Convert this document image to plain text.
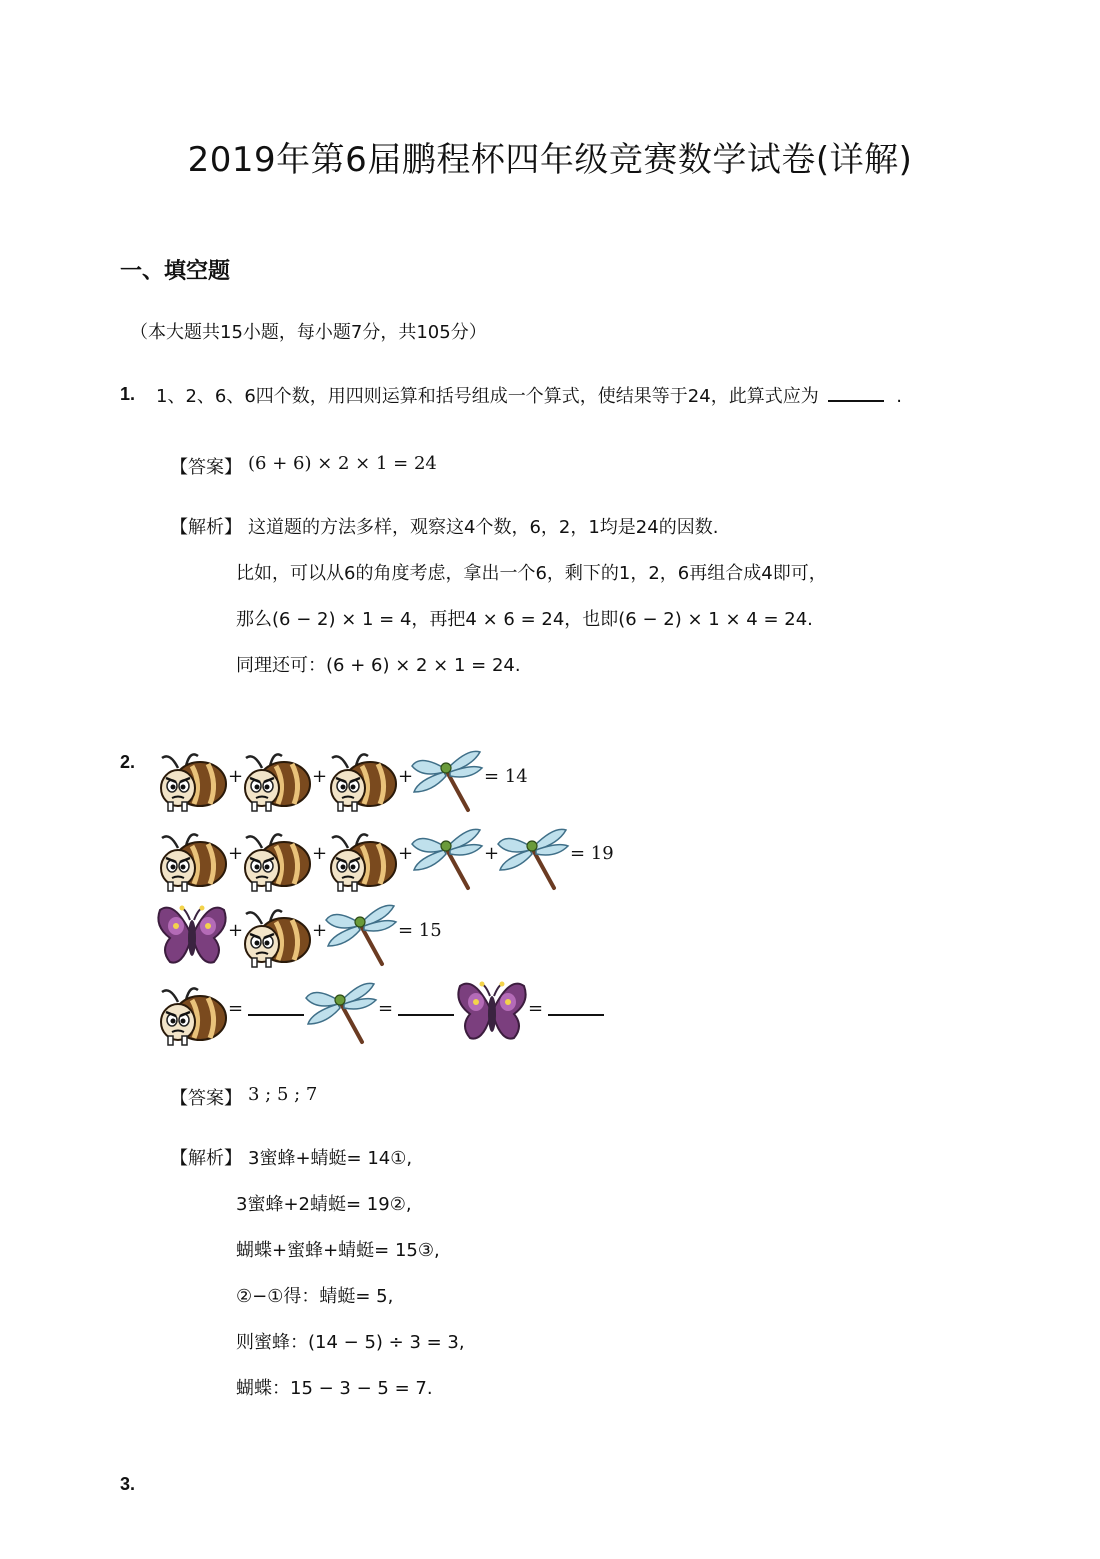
2019年第6届鹏程杯四年级竞赛数学试卷(详解)
一、填空题
（本大题共15小题，每小题7分，共105分）
1. 1、2、6、6四个数，用四则运算和括号组成一个算式，使结果等于24，此算式应为	.
【答案】 (6 + 6) × 2 × 1 = 24
【解析】 这道题的方法多样，观察这4个数，6，2，1均是24的因数.
比如，可以从6的角度考虑，拿出一个6，剩下的1，2，6再组合成4即可，
那么(6 − 2) × 1 = 4，再把4 × 6 = 24，也即(6 − 2) × 1 × 4 = 24.
同理还可：(6 + 6) × 2 × 1 = 24.
2.
+	+	+	= 14
+	+	+	+	= 19
+	+	= 15
=	=	=
【答案】 3 ; 5 ; 7
【解析】 3蜜蜂+蜻蜓= 14①,
3蜜蜂+2蜻蜓= 19②,
蝴蝶+蜜蜂+蜻蜓= 15③,
②−①得：蜻蜓= 5,
则蜜蜂：(14 − 5) ÷ 3 = 3,
蝴蝶：15 − 3 − 5 = 7.
3.
